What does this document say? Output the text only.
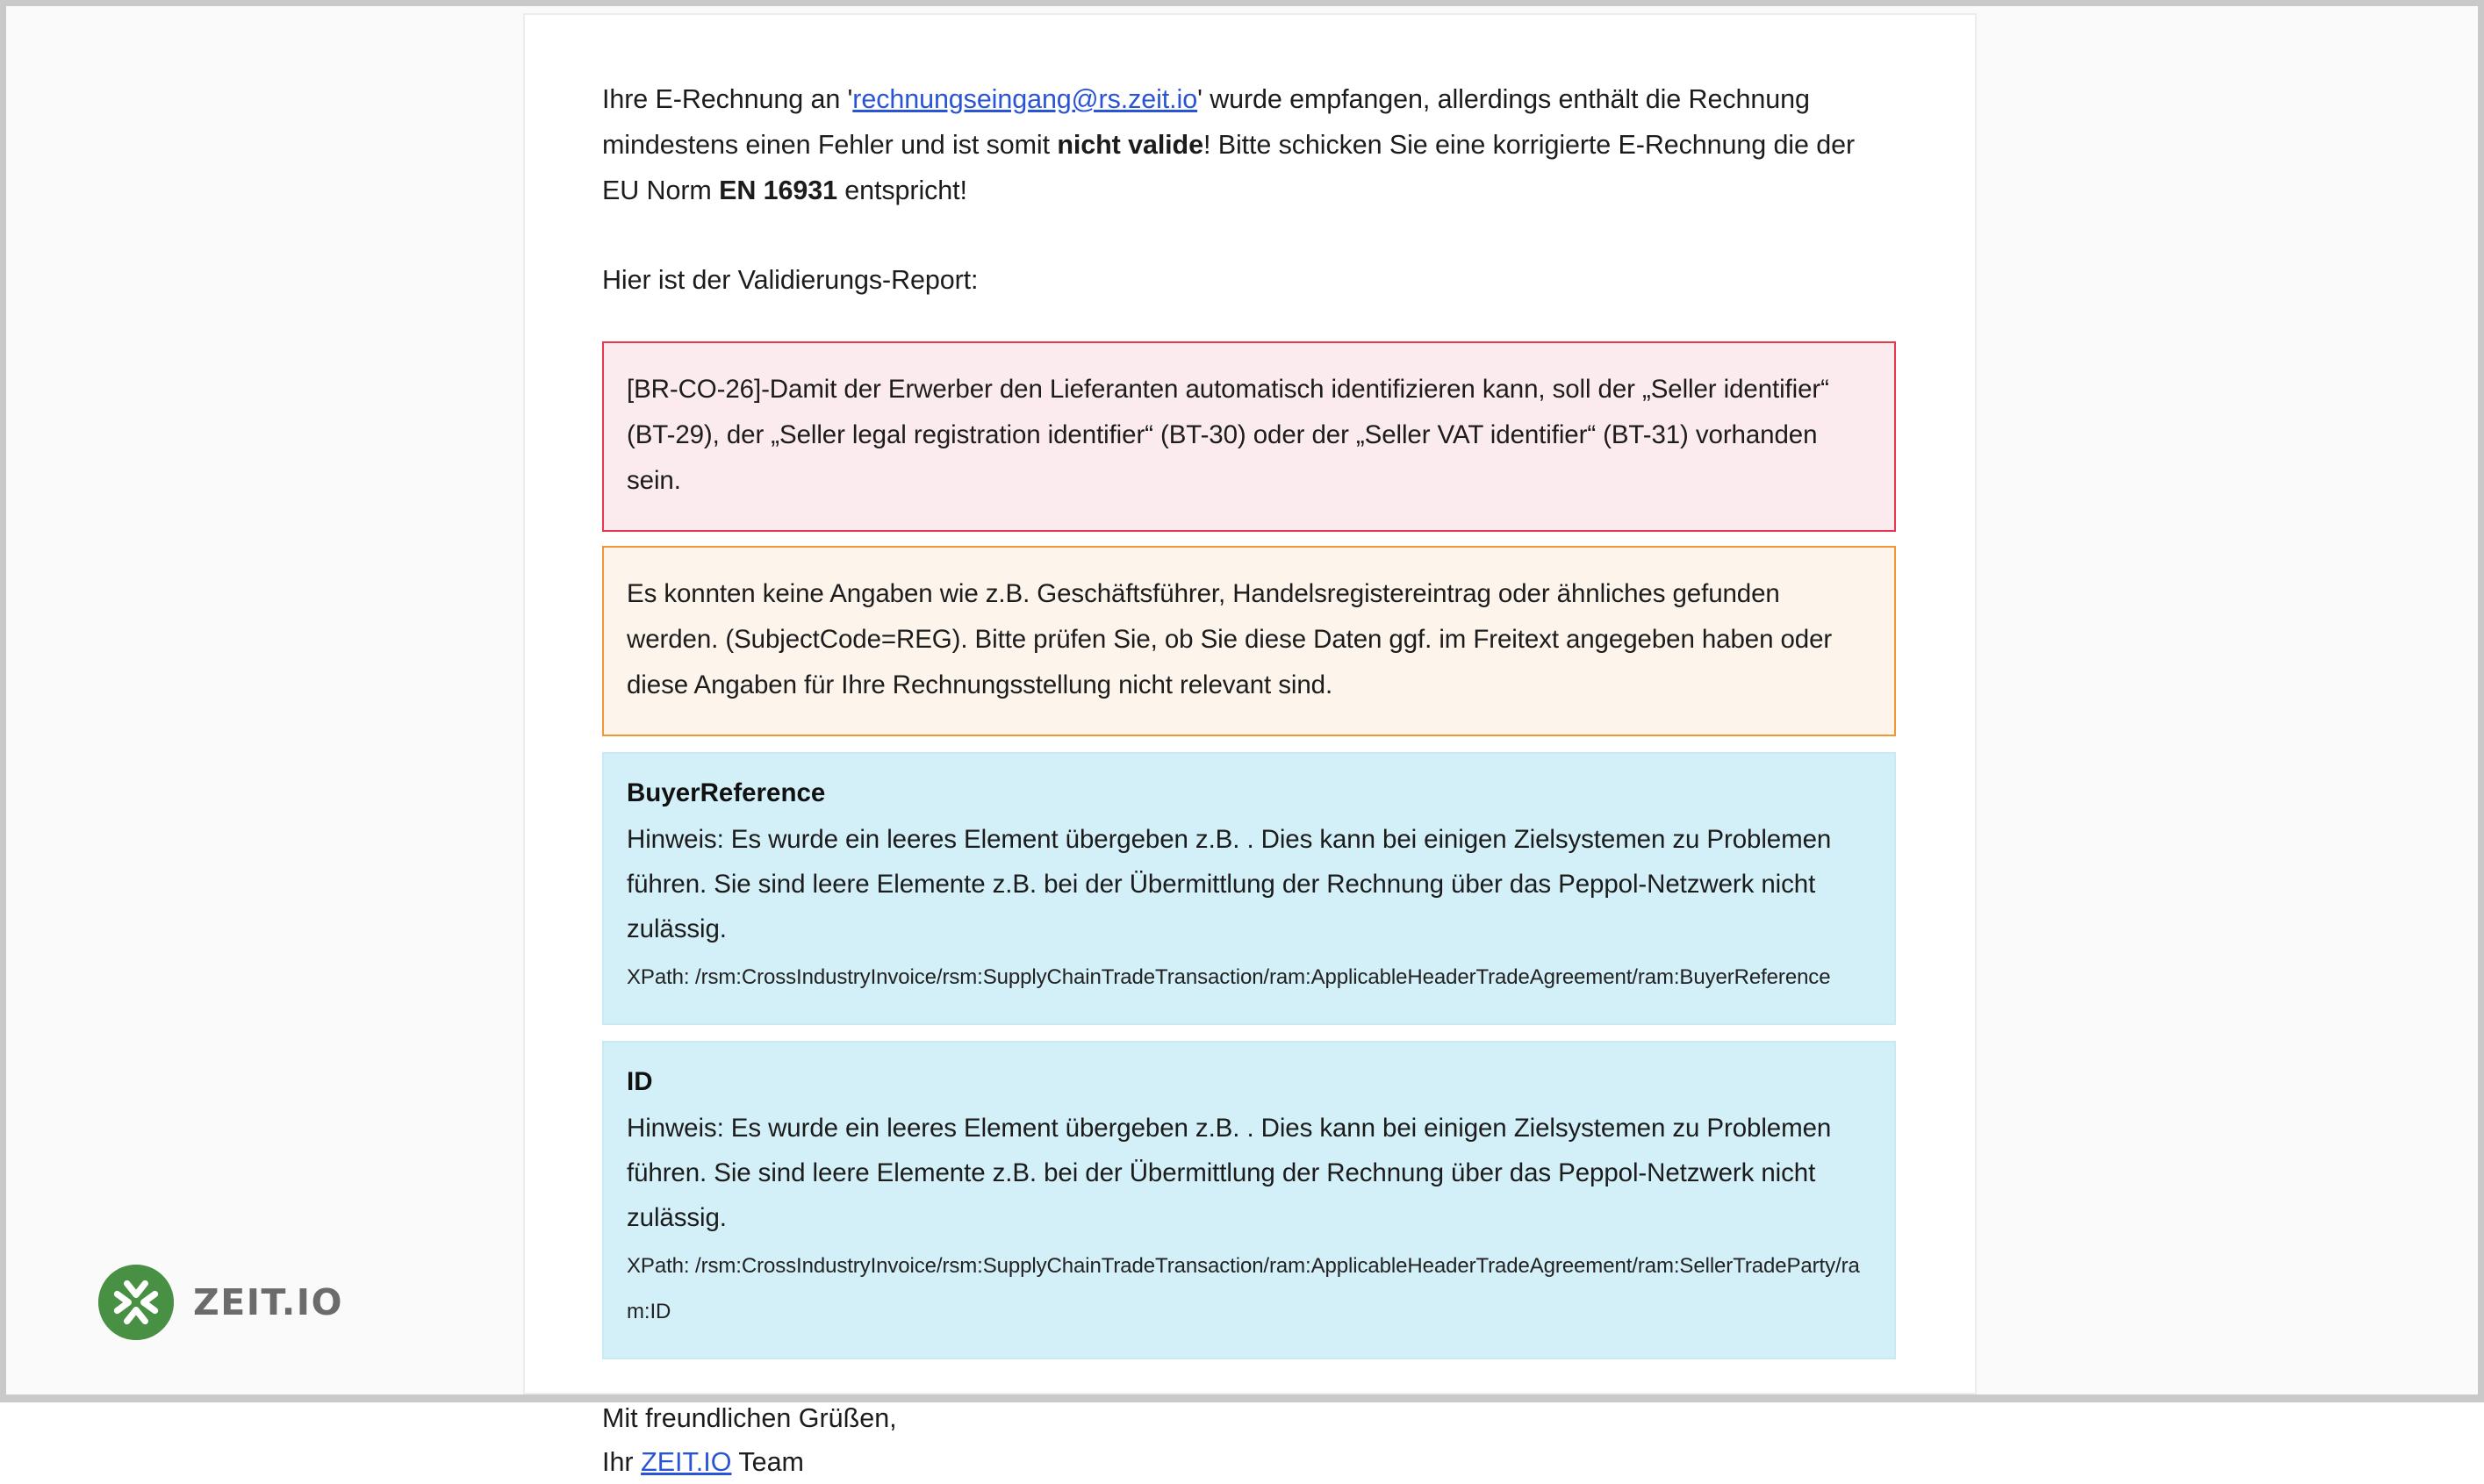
ZEIT.IO

Ihre E-Rechnung an 'rechnungseingang@rs.zeit.io' wurde empfangen, allerdings enthält die Rechnung mindestens einen Fehler und ist somit nicht valide! Bitte schicken Sie eine korrigierte E-Rechnung die der EU Norm EN 16931 entspricht!

Hier ist der Validierungs-Report:

[BR-CO-26]-Damit der Erwerber den Lieferanten automatisch identifizieren kann, soll der „Seller identifier“ (BT-29), der „Seller legal registration identifier“ (BT-30) oder der „Seller VAT identifier“ (BT-31) vorhanden sein.

Es konnten keine Angaben wie z.B. Geschäftsführer, Handelsregistereintrag oder ähnliches gefunden werden. (SubjectCode=REG). Bitte prüfen Sie, ob Sie diese Daten ggf. im Freitext angegeben haben oder diese Angaben für Ihre Rechnungsstellung nicht relevant sind.

BuyerReference
Hinweis: Es wurde ein leeres Element übergeben z.B. . Dies kann bei einigen Zielsystemen zu Problemen führen. Sie sind leere Elemente z.B. bei der Übermittlung der Rechnung über das Peppol-Netzwerk nicht zulässig.
XPath: /rsm:CrossIndustryInvoice/rsm:SupplyChainTradeTransaction/ram:ApplicableHeaderTradeAgreement/ram:BuyerReference
ID
Hinweis: Es wurde ein leeres Element übergeben z.B. . Dies kann bei einigen Zielsystemen zu Problemen führen. Sie sind leere Elemente z.B. bei der Übermittlung der Rechnung über das Peppol-Netzwerk nicht zulässig.
XPath: /rsm:CrossIndustryInvoice/rsm:SupplyChainTradeTransaction/ram:ApplicableHeaderTradeAgreement/ram:SellerTradeParty/ram:ID
Mit freundlichen Grüßen,
Ihr ZEIT.IO Team
